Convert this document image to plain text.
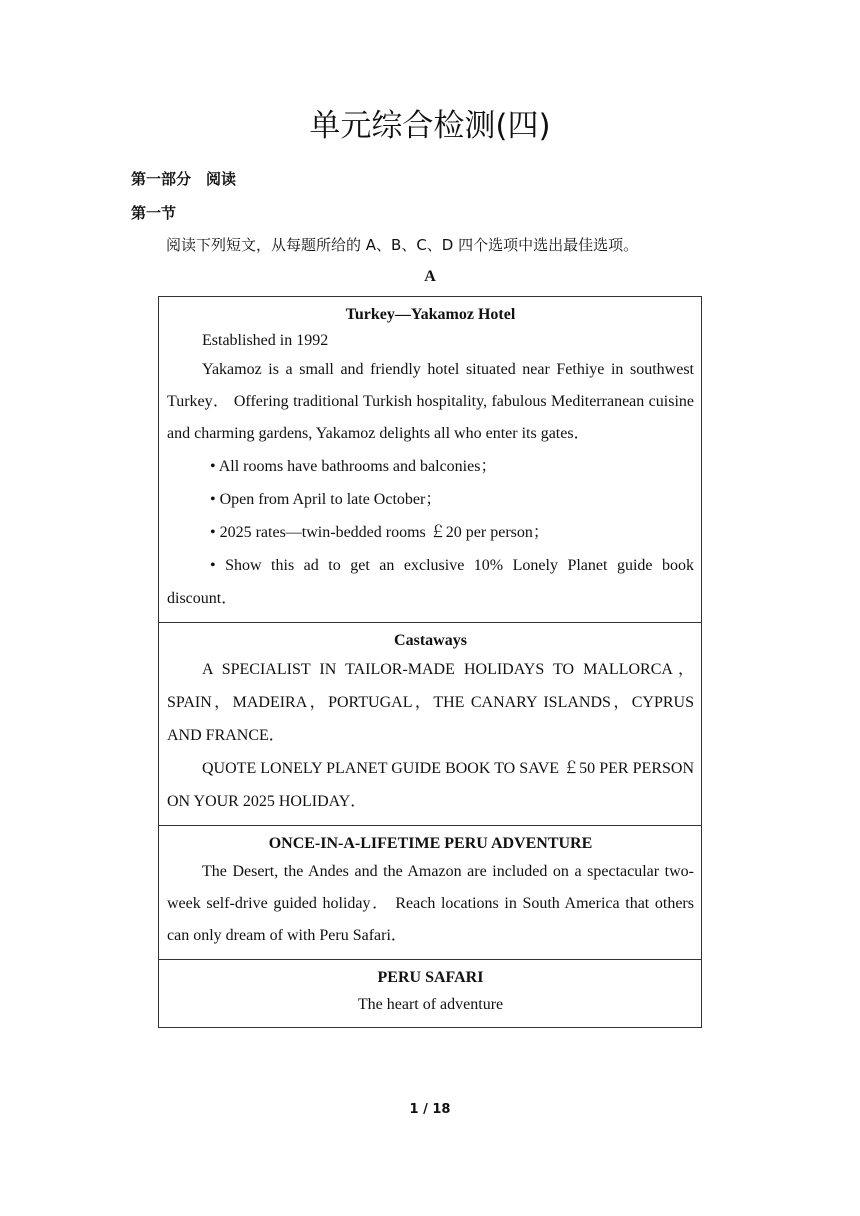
单元综合检测(四)
第一部分　阅读
第一节
阅读下列短文，从每题所给的 A、B、C、D 四个选项中选出最佳选项。
A

Turkey—Yakamoz Hotel

Established in 1992

Yakamoz is a small and friendly hotel situated near Fethiye in southwest Turkey． Offering traditional Turkish hospitality, fabulous Mediterranean cuisine and charming gardens, Yakamoz delights all who enter its gates．

• All rooms have bathrooms and balconies；

• Open from April to late October；

• 2025 rates—twin-bedded rooms ￡20 per person；

• Show this ad to get an exclusive 10% Lonely Planet guide book discount．

Castaways

A SPECIALIST IN TAILOR-MADE HOLIDAYS TO MALLORCA，SPAIN，MADEIRA，PORTUGAL，THE CANARY ISLANDS，CYPRUS AND FRANCE．

QUOTE LONELY PLANET GUIDE BOOK TO SAVE ￡50 PER PERSON ON YOUR 2025 HOLIDAY．

ONCE-IN-A-LIFETIME PERU ADVENTURE

The Desert, the Andes and the Amazon are included on a spectacular two-week self-drive guided holiday． Reach locations in South America that others can only dream of with Peru Safari．

PERU SAFARI

The heart of adventure

1 / 18
